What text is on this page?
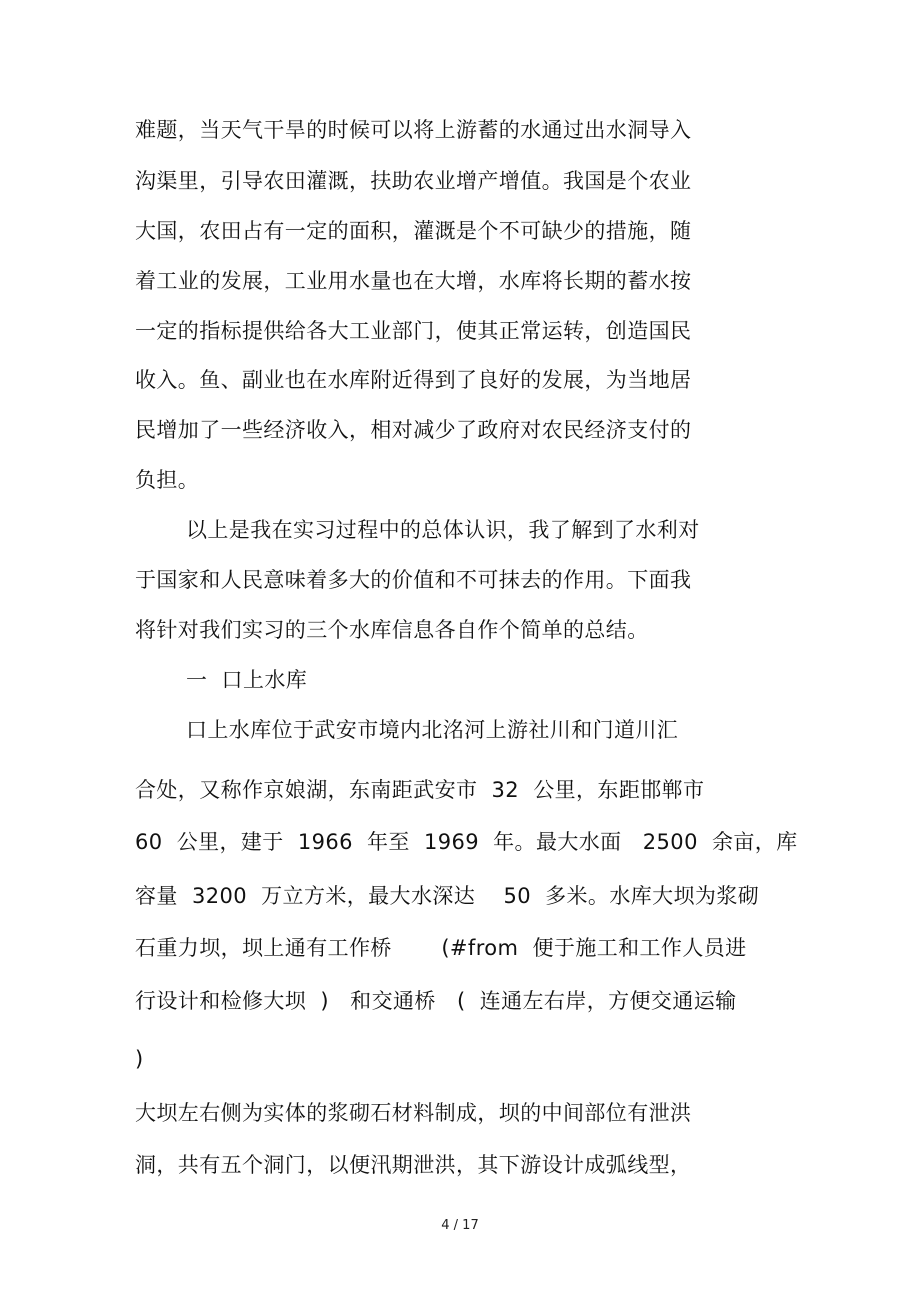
难题，当天气干旱的时候可以将上游蓄的水通过出水洞导入
沟渠里，引导农田灌溉，扶助农业增产增值。我国是个农业
大国，农田占有一定的面积，灌溉是个不可缺少的措施，随
着工业的发展，工业用水量也在大增，水库将长期的蓄水按
一定的指标提供给各大工业部门，使其正常运转，创造国民
收入。鱼、副业也在水库附近得到了良好的发展，为当地居
民增加了一些经济收入，相对减少了政府对农民经济支付的
负担。
以上是我在实习过程中的总体认识，我了解到了水利对
于国家和人民意味着多大的价值和不可抹去的作用。下面我
将针对我们实习的三个水库信息各自作个简单的总结。
一  口上水库
口上水库位于武安市境内北洺河上游社川和门道川汇
合处，又称作京娘湖，东南距武安市  32  公里，东距邯郸市
60  公里，建于  1966  年至  1969  年。最大水面   2500  余亩，库
容量  3200  万立方米，最大水深达    50  多米。水库大坝为浆砌
石重力坝，坝上通有工作桥       (#from  便于施工和工作人员进
行设计和检修大坝  )   和交通桥   (  连通左右岸，方便交通运输
)
大坝左右侧为实体的浆砌石材料制成，坝的中间部位有泄洪
洞，共有五个洞门，以便汛期泄洪，其下游设计成弧线型，
4 / 17
